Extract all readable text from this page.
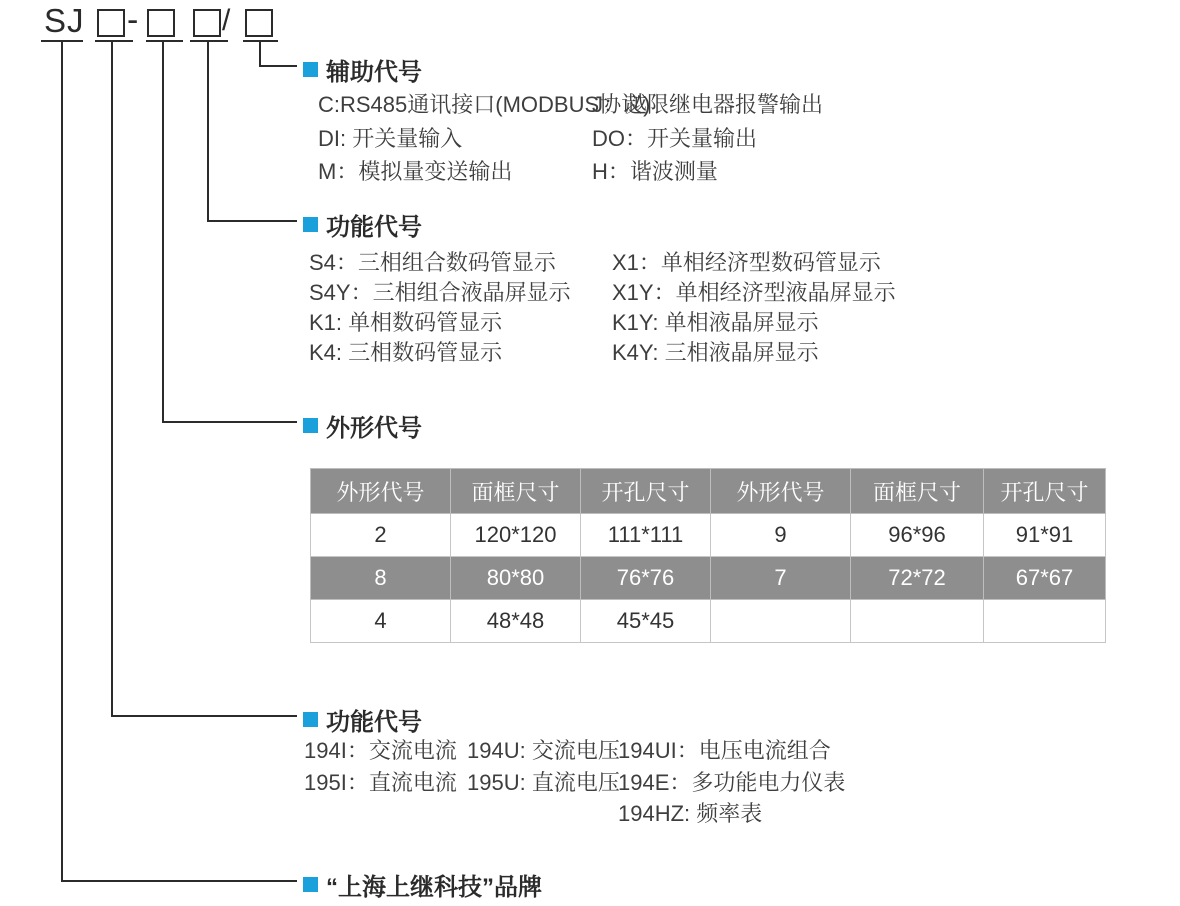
SJ -	/
辅助代号
C:RS485通讯接口(MODBUS协议)
DI: 开关量输入
M：模拟量变送输出
J：越限继电器报警输出
DO：开关量输出
H：谐波测量
功能代号
S4：三相组合数码管显示
S4Y：三相组合液晶屏显示
K1: 单相数码管显示
K4: 三相数码管显示
X1：单相经济型数码管显示
X1Y：单相经济型液晶屏显示
K1Y: 单相液晶屏显示
K4Y: 三相液晶屏显示
外形代号
外形代号	面框尺寸	开孔尺寸	外形代号	面框尺寸	开孔尺寸
2	120*120	111*111	9	96*96	91*91
8	80*80	76*76	7	72*72	67*67
4	48*48	45*45			
功能代号
194I：交流电流
195I：直流电流
194U: 交流电压
195U: 直流电压
194UI：电压电流组合
194E：多功能电力仪表
194HZ: 频率表
“上海上继科技”品牌
